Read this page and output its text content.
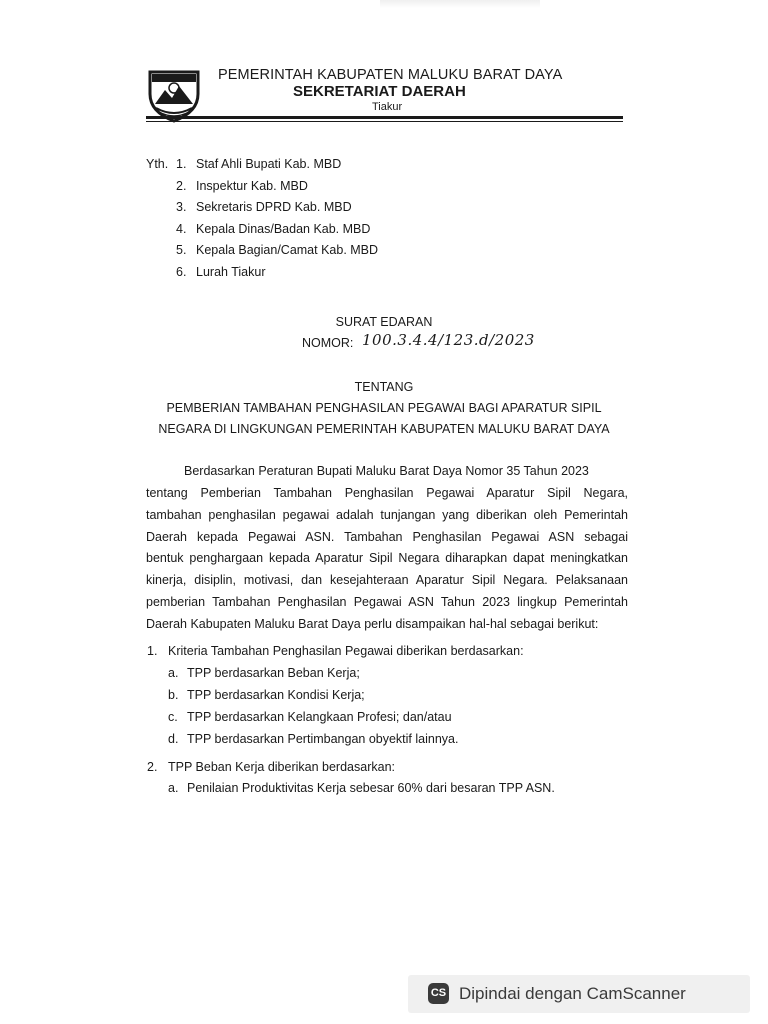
PEMERINTAH KABUPATEN MALUKU BARAT DAYA
SEKRETARIAT DAERAH
Tiakur
Yth. 1. Staf Ahli Bupati Kab. MBD
2. Inspektur Kab. MBD
3. Sekretaris DPRD Kab. MBD
4. Kepala Dinas/Badan Kab. MBD
5. Kepala Bagian/Camat Kab. MBD
6. Lurah Tiakur
SURAT EDARAN
NOMOR: 100.3.4.4/123.d/2023
TENTANG
PEMBERIAN TAMBAHAN PENGHASILAN PEGAWAI BAGI APARATUR SIPIL
NEGARA DI LINGKUNGAN PEMERINTAH KABUPATEN MALUKU BARAT DAYA
Berdasarkan Peraturan Bupati Maluku Barat Daya Nomor 35 Tahun 2023
tentang Pemberian Tambahan Penghasilan Pegawai Aparatur Sipil Negara,
tambahan penghasilan pegawai adalah tunjangan yang diberikan oleh Pemerintah
Daerah kepada Pegawai ASN. Tambahan Penghasilan Pegawai ASN sebagai
bentuk penghargaan kepada Aparatur Sipil Negara diharapkan dapat meningkatkan
kinerja, disiplin, motivasi, dan kesejahteraan Aparatur Sipil Negara. Pelaksanaan
pemberian Tambahan Penghasilan Pegawai ASN Tahun 2023 lingkup Pemerintah
Daerah Kabupaten Maluku Barat Daya perlu disampaikan hal-hal sebagai berikut:
1. Kriteria Tambahan Penghasilan Pegawai diberikan berdasarkan:
a. TPP berdasarkan Beban Kerja;
b. TPP berdasarkan Kondisi Kerja;
c. TPP berdasarkan Kelangkaan Profesi; dan/atau
d. TPP berdasarkan Pertimbangan obyektif lainnya.
2. TPP Beban Kerja diberikan berdasarkan:
a. Penilaian Produktivitas Kerja sebesar 60% dari besaran TPP ASN.
CS Dipindai dengan CamScanner
